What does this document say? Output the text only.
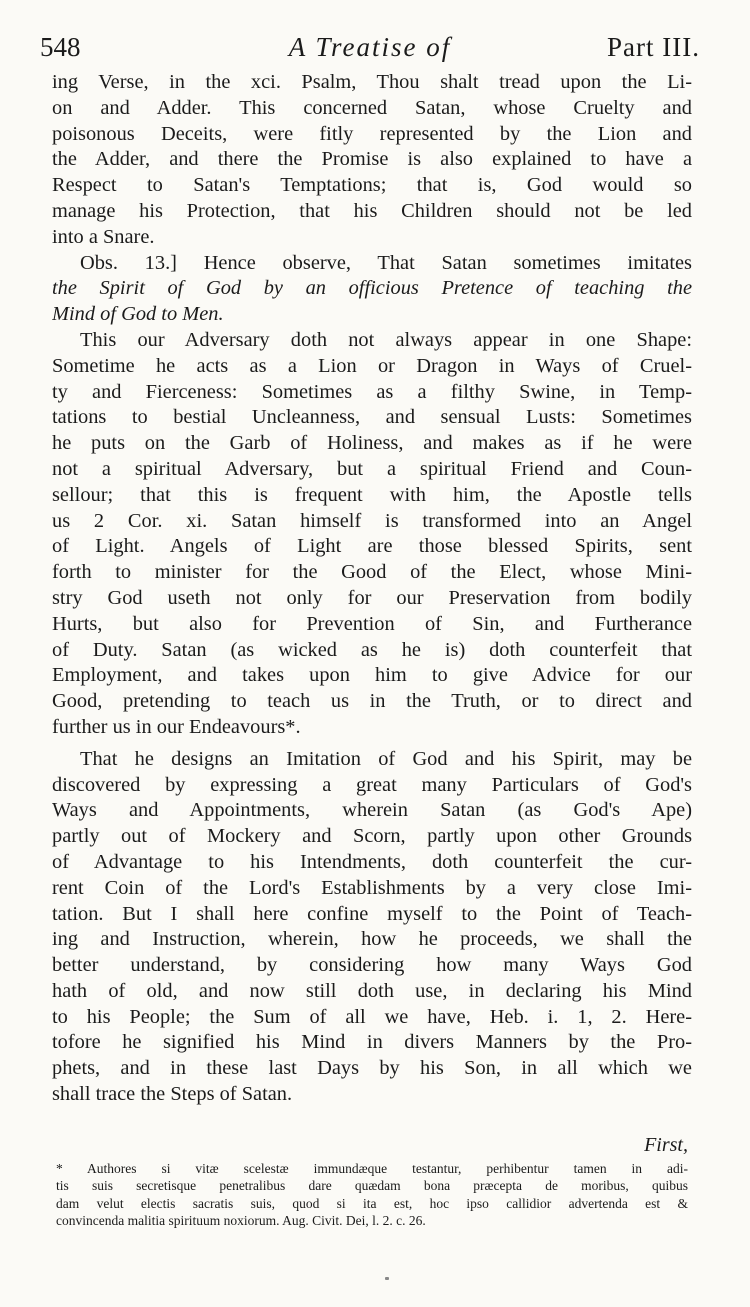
548	A Treatise of	Part III.
ing Verse, in the xci. Psalm, Thou shalt tread upon the Li-
on and Adder. This concerned Satan, whose Cruelty and
poisonous Deceits, were fitly represented by the Lion and
the Adder, and there the Promise is also explained to have a
Respect to Satan's Temptations; that is, God would so
manage his Protection, that his Children should not be led
into a Snare.
Obs. 13.] Hence observe, That Satan sometimes imitates
the Spirit of God by an officious Pretence of teaching the
Mind of God to Men.
This our Adversary doth not always appear in one Shape:
Sometime he acts as a Lion or Dragon in Ways of Cruel-
ty and Fierceness: Sometimes as a filthy Swine, in Temp-
tations to bestial Uncleanness, and sensual Lusts: Sometimes
he puts on the Garb of Holiness, and makes as if he were
not a spiritual Adversary, but a spiritual Friend and Coun-
sellour; that this is frequent with him, the Apostle tells
us 2 Cor. xi. Satan himself is transformed into an Angel
of Light. Angels of Light are those blessed Spirits, sent
forth to minister for the Good of the Elect, whose Mini-
stry God useth not only for our Preservation from bodily
Hurts, but also for Prevention of Sin, and Furtherance
of Duty. Satan (as wicked as he is) doth counterfeit that
Employment, and takes upon him to give Advice for our
Good, pretending to teach us in the Truth, or to direct and
further us in our Endeavours*.
That he designs an Imitation of God and his Spirit, may be
discovered by expressing a great many Particulars of God's
Ways and Appointments, wherein Satan (as God's Ape)
partly out of Mockery and Scorn, partly upon other Grounds
of Advantage to his Intendments, doth counterfeit the cur-
rent Coin of the Lord's Establishments by a very close Imi-
tation. But I shall here confine myself to the Point of Teach-
ing and Instruction, wherein, how he proceeds, we shall the
better understand, by considering how many Ways God
hath of old, and now still doth use, in declaring his Mind
to his People; the Sum of all we have, Heb. i. 1, 2. Here-
tofore he signified his Mind in divers Manners by the Pro-
phets, and in these last Days by his Son, in all which we
shall trace the Steps of Satan.
First,
* Authores si vitæ scelestæ immundæque testantur, perhibentur tamen in adi-
tis suis secretisque penetralibus dare quædam bona præcepta de moribus, quibus
dam velut electis sacratis suis, quod si ita est, hoc ipso callidior advertenda est &
convincenda malitia spirituum noxiorum. Aug. Civit. Dei, l. 2. c. 26.
